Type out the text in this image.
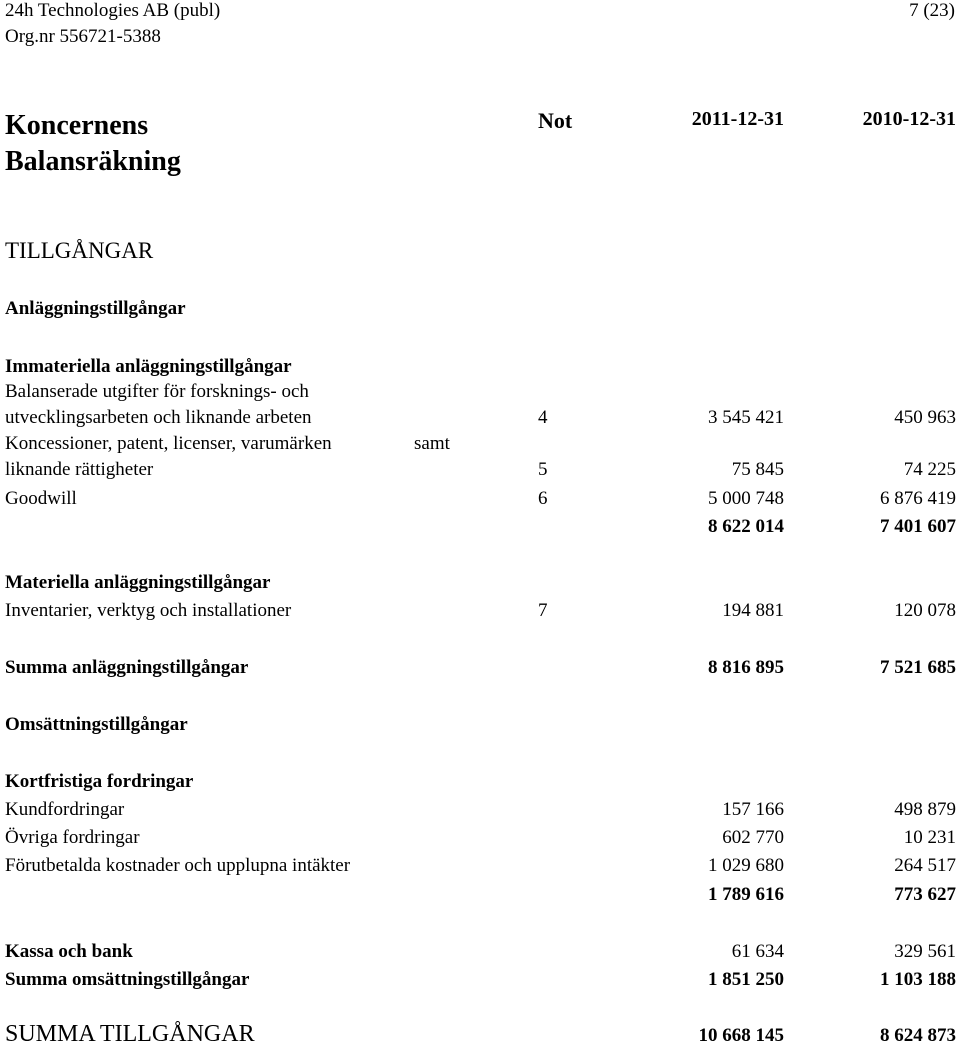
24h Technologies AB (publ)
Org.nr 556721-5388
7 (23)
Koncernens
Balansräkning
Not	2011-12-31	2010-12-31
TILLGÅNGAR
Anläggningstillgångar
Immateriella anläggningstillgångar
Balanserade utgifter för forsknings- och
utvecklingsarbeten och liknande arbeten	4	3 545 421	450 963
Koncessioner, patent, licenser, varumärken	samt
liknande rättigheter	5	75 845	74 225
Goodwill	6	5 000 748	6 876 419
8 622 014	7 401 607
Materiella anläggningstillgångar
Inventarier, verktyg och installationer	7	194 881	120 078
Summa anläggningstillgångar	8 816 895	7 521 685
Omsättningstillgångar
Kortfristiga fordringar
Kundfordringar	157 166	498 879
Övriga fordringar	602 770	10 231
Förutbetalda kostnader och upplupna intäkter	1 029 680	264 517
1 789 616	773 627
Kassa och bank	61 634	329 561
Summa omsättningstillgångar	1 851 250	1 103 188
SUMMA TILLGÅNGAR	10 668 145	8 624 873
